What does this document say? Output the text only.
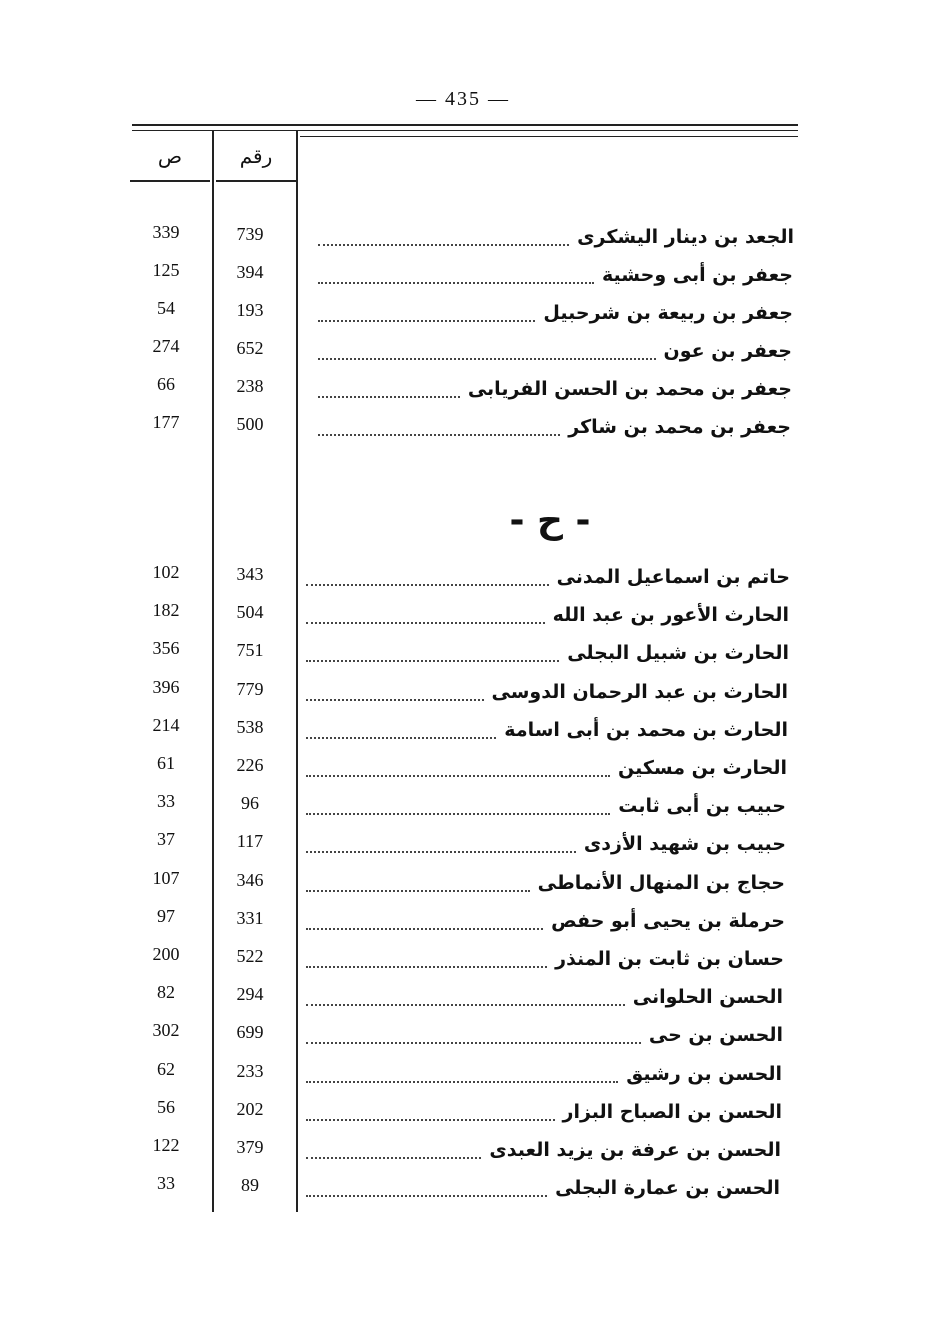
— 435 —
ص	رقم
- ح -
339	739	الجعد بن دينار اليشكرى
125	394	جعفر بن أبى وحشية
54	193	جعفر بن ربيعة بن شرحبيل
274	652	جعفر بن عون
66	238	جعفر بن محمد بن الحسن الفريابى
177	500	جعفر بن محمد بن شاكر
102	343	حاتم بن اسماعيل المدنى
182	504	الحارث الأعور بن عبد الله
356	751	الحارث بن شبيل البجلى
396	779	الحارث بن عبد الرحمان الدوسى
214	538	الحارث بن محمد بن أبى اسامة
61	226	الحارث بن مسكين
33	96	حبيب بن أبى ثابت
37	117	حبيب بن شهيد الأزدى
107	346	حجاج بن المنهال الأنماطى
97	331	حرملة بن يحيى أبو حفص
200	522	حسان بن ثابت بن المنذر
82	294	الحسن الحلوانى
302	699	الحسن بن حى
62	233	الحسن بن رشيق
56	202	الحسن بن الصباح البزار
122	379	الحسن بن عرفة بن يزيد العبدى
33	89	الحسن بن عمارة البجلى
